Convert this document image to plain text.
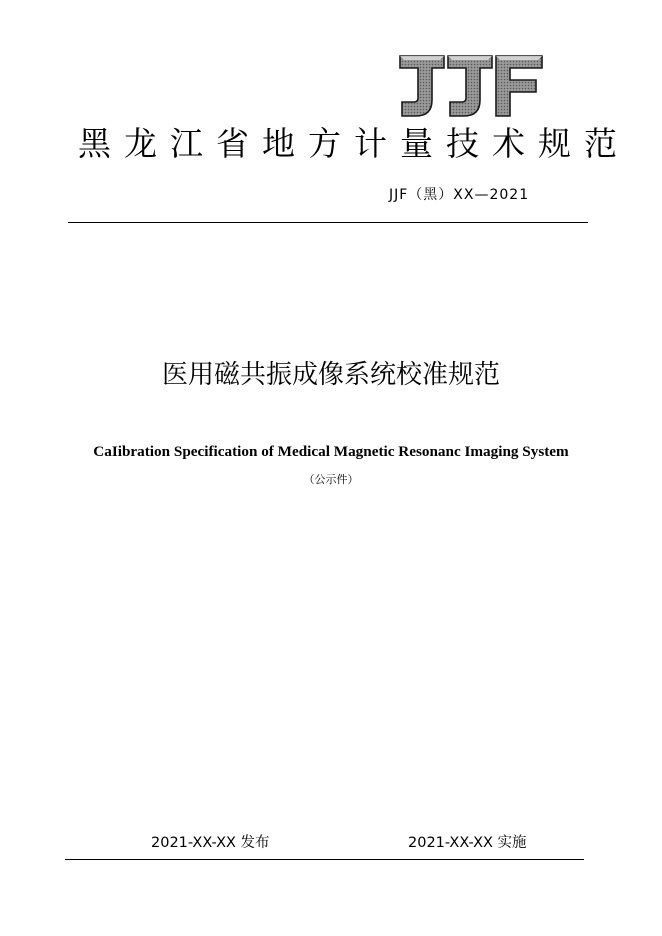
黑龙江省地方计量技术规范
JJF（黑）XX—2021
医用磁共振成像系统校准规范
CaIibration Specification of Medical Magnetic Resonanc Imaging System
（公示件）
2021-XX-XX 发布	2021-XX-XX 实施
